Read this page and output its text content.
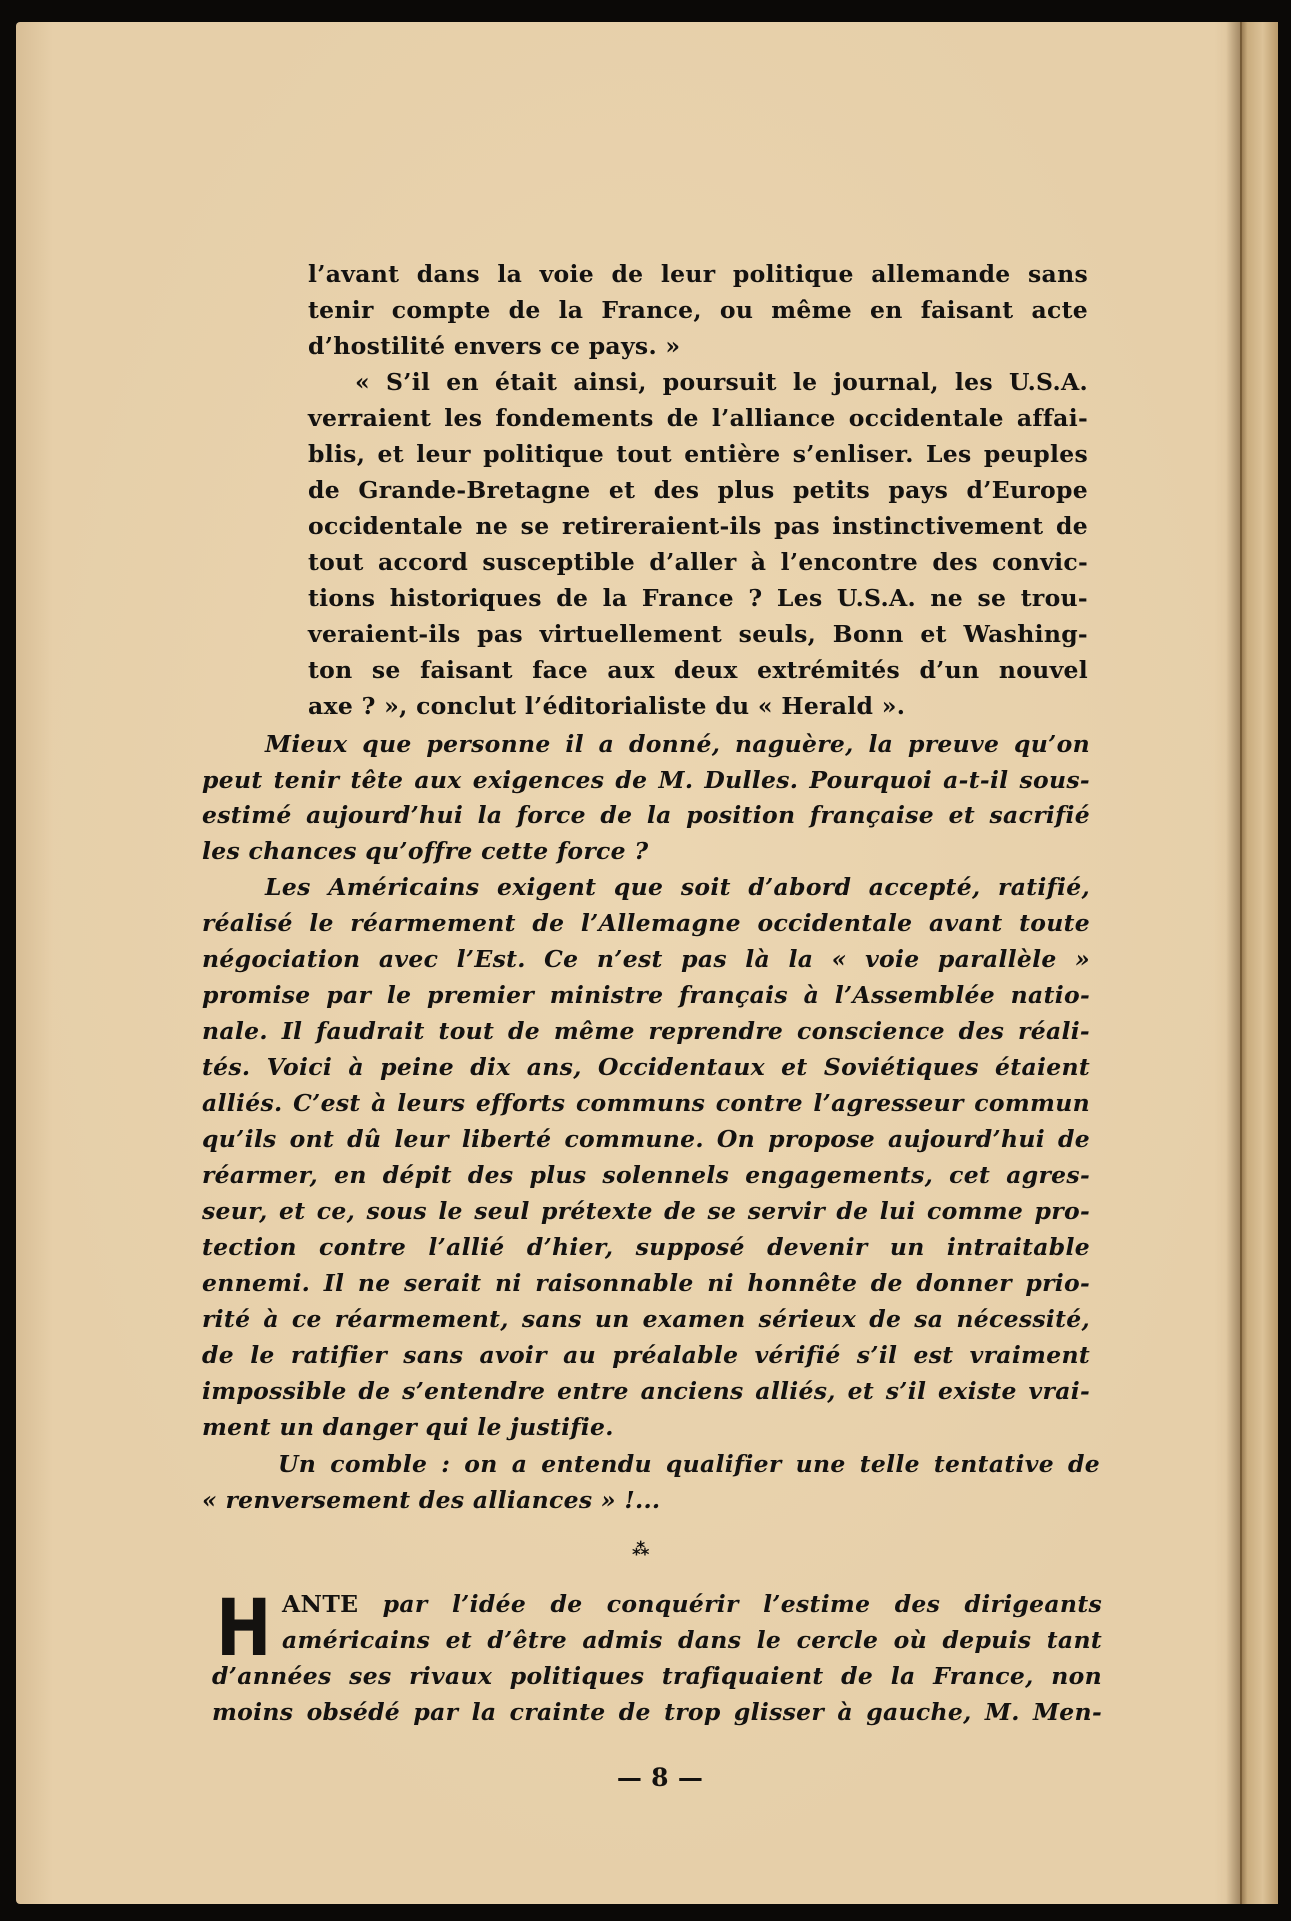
l’avant dans la voie de leur politique allemande sans
tenir compte de la France, ou même en faisant acte
d’hostilité envers ce pays. »
« S’il en était ainsi, poursuit le journal, les U.S.A.
verraient les fondements de l’alliance occidentale affai-
blis, et leur politique tout entière s’enliser. Les peuples
de Grande-Bretagne et des plus petits pays d’Europe
occidentale ne se retireraient-ils pas instinctivement de
tout accord susceptible d’aller à l’encontre des convic-
tions historiques de la France ? Les U.S.A. ne se trou-
veraient-ils pas virtuellement seuls, Bonn et Washing-
ton se faisant face aux deux extrémités d’un nouvel
axe ? », conclut l’éditorialiste du « Herald ».
Mieux que personne il a donné, naguère, la preuve qu’on
peut tenir tête aux exigences de M. Dulles. Pourquoi a-t-il sous-
estimé aujourd’hui la force de la position française et sacrifié
les chances qu’offre cette force ?
Les Américains exigent que soit d’abord accepté, ratifié,
réalisé le réarmement de l’Allemagne occidentale avant toute
négociation avec l’Est. Ce n’est pas là la « voie parallèle »
promise par le premier ministre français à l’Assemblée natio-
nale. Il faudrait tout de même reprendre conscience des réali-
tés. Voici à peine dix ans, Occidentaux et Soviétiques étaient
alliés. C’est à leurs efforts communs contre l’agresseur commun
qu’ils ont dû leur liberté commune. On propose aujourd’hui de
réarmer, en dépit des plus solennels engagements, cet agres-
seur, et ce, sous le seul prétexte de se servir de lui comme pro-
tection contre l’allié d’hier, supposé devenir un intraitable
ennemi. Il ne serait ni raisonnable ni honnête de donner prio-
rité à ce réarmement, sans un examen sérieux de sa nécessité,
de le ratifier sans avoir au préalable vérifié s’il est vraiment
impossible de s’entendre entre anciens alliés, et s’il existe vrai-
ment un danger qui le justifie.
Un comble : on a entendu qualifier une telle tentative de
« renversement des alliances » !...
⁂
H ANTE par l’idée de conquérir l’estime des dirigeants
américains et d’être admis dans le cercle où depuis tant
d’années ses rivaux politiques trafiquaient de la France, non
moins obsédé par la crainte de trop glisser à gauche, M. Men-
— 8 —
